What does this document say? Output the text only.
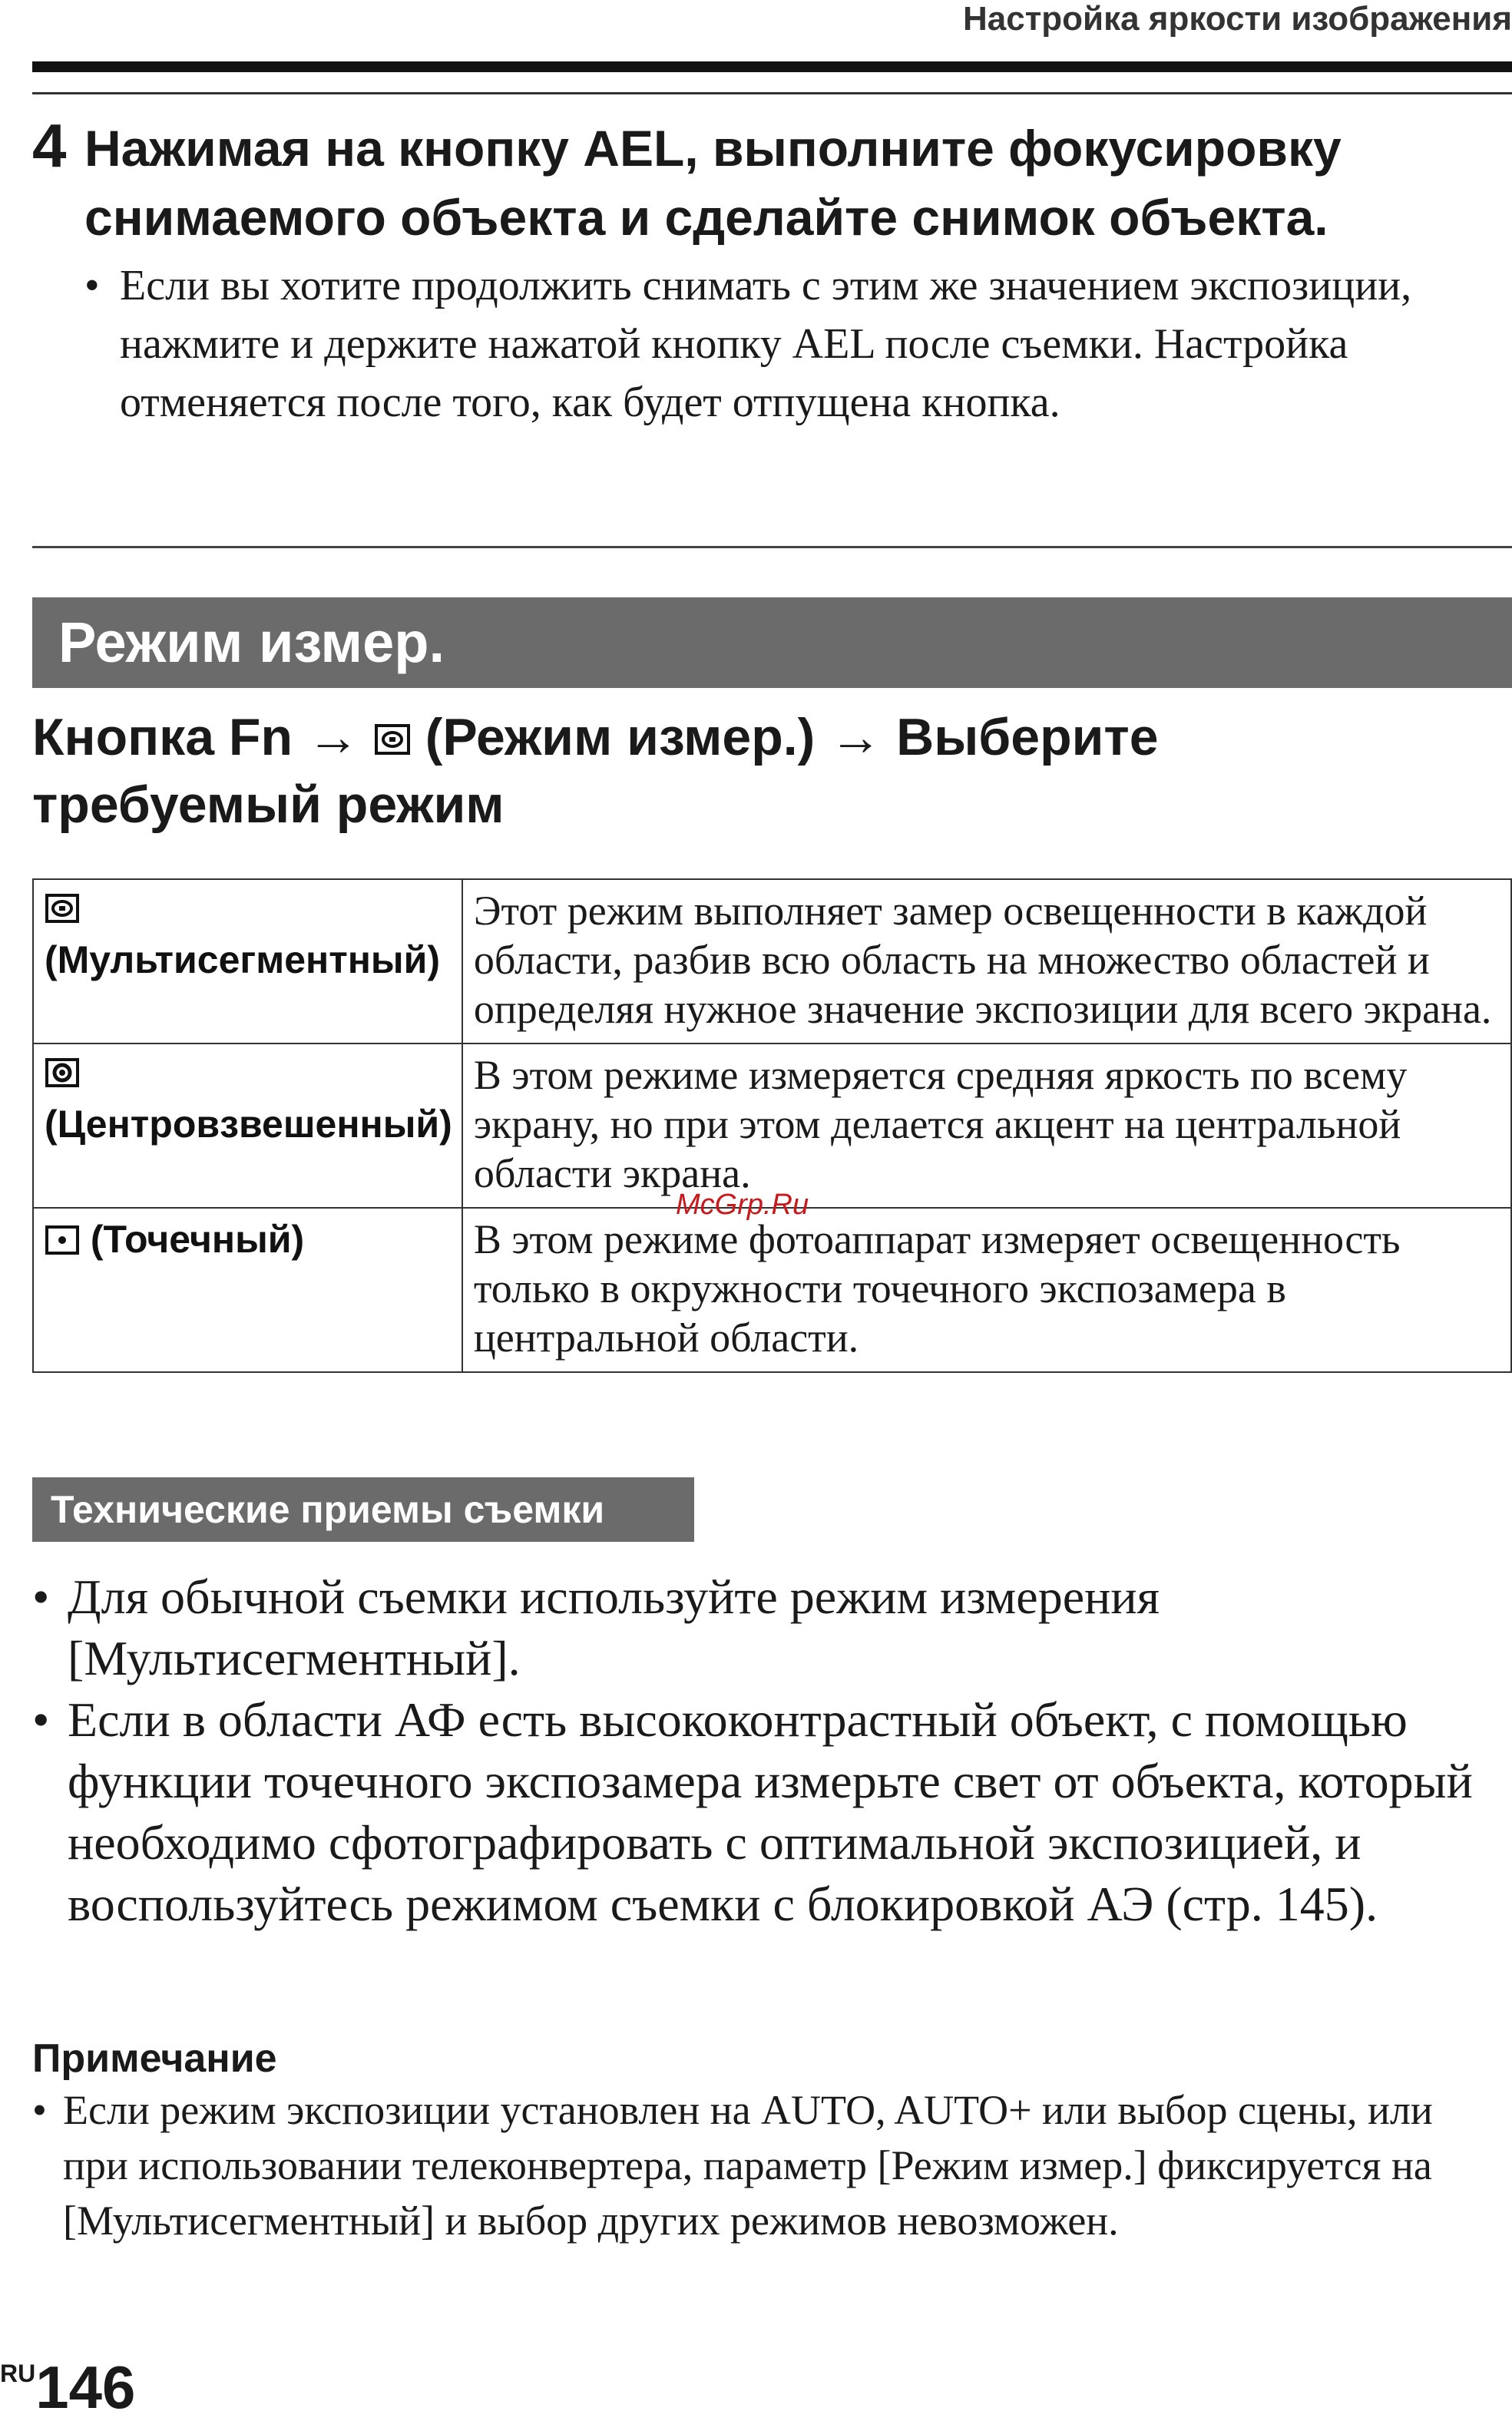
Настройка яркости изображения
4 Нажимая на кнопку AEL, выполните фокусировку
снимаемого объекта и сделайте снимок объекта.
• Если вы хотите продолжить снимать с этим же значением экспозиции, нажмите и держите нажатой кнопку AEL после съемки. Настройка отменяется после того, как будет отпущена кнопка.
Режим измер.
Кнопка Fn → (Режим измер.) → Выберите
требуемый режим
(Мультисегментный)	Этот режим выполняет замер освещенности в каждой области, разбив всю область на множество областей и определяя нужное значение экспозиции для всего экрана.

(Центровзвешенный)	В этом режиме измеряется средняя яркость по всему экрану, но при этом делается акцент на центральной области экрана.
(Точечный)	В этом режиме фотоаппарат измеряет освещенность только в окружности точечного экспозамера в центральной области.
McGrp.Ru
Технические приемы съемки
• Для обычной съемки используйте режим измерения [Мультисегментный].
• Если в области АФ есть высококонтрастный объект, с помощью функции точечного экспозамера измерьте свет от объекта, который необходимо сфотографировать с оптимальной экспозицией, и воспользуйтесь режимом съемки с блокировкой АЭ (стр. 145).
Примечание
• Если режим экспозиции установлен на AUTO, AUTO+ или выбор сцены, или при использовании телеконвертера, параметр [Режим измер.] фиксируется на [Мультисегментный] и выбор других режимов невозможен.
RU146
